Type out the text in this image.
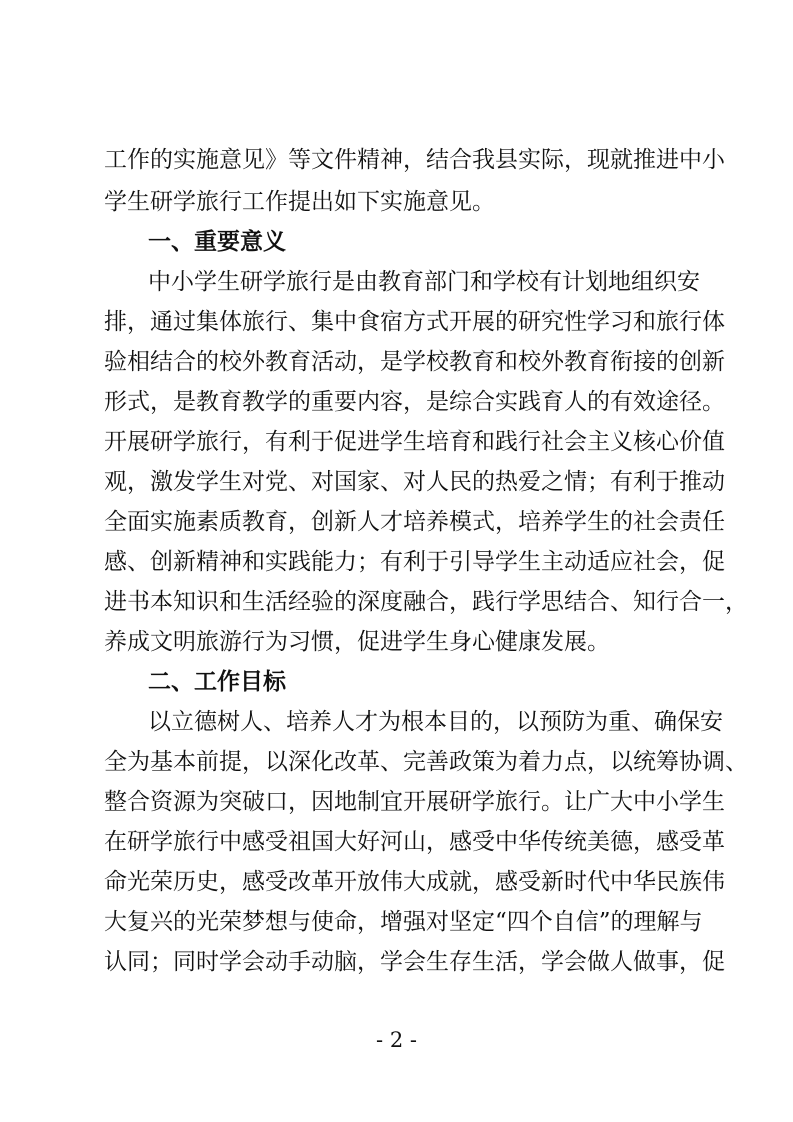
工作的实施意见》等文件精神，结合我县实际，现就推进中小
学生研学旅行工作提出如下实施意见。
一、重要意义
中小学生研学旅行是由教育部门和学校有计划地组织安
排，通过集体旅行、集中食宿方式开展的研究性学习和旅行体
验相结合的校外教育活动，是学校教育和校外教育衔接的创新
形式，是教育教学的重要内容，是综合实践育人的有效途径。
开展研学旅行，有利于促进学生培育和践行社会主义核心价值
观，激发学生对党、对国家、对人民的热爱之情；有利于推动
全面实施素质教育，创新人才培养模式，培养学生的社会责任
感、创新精神和实践能力；有利于引导学生主动适应社会，促
进书本知识和生活经验的深度融合，践行学思结合、知行合一，
养成文明旅游行为习惯，促进学生身心健康发展。
二、工作目标
以立德树人、培养人才为根本目的，以预防为重、确保安
全为基本前提，以深化改革、完善政策为着力点，以统筹协调、
整合资源为突破口，因地制宜开展研学旅行。让广大中小学生
在研学旅行中感受祖国大好河山，感受中华传统美德，感受革
命光荣历史，感受改革开放伟大成就，感受新时代中华民族伟
大复兴的光荣梦想与使命，增强对坚定“四个自信”的理解与
认同；同时学会动手动脑，学会生存生活，学会做人做事，促
- 2 -
